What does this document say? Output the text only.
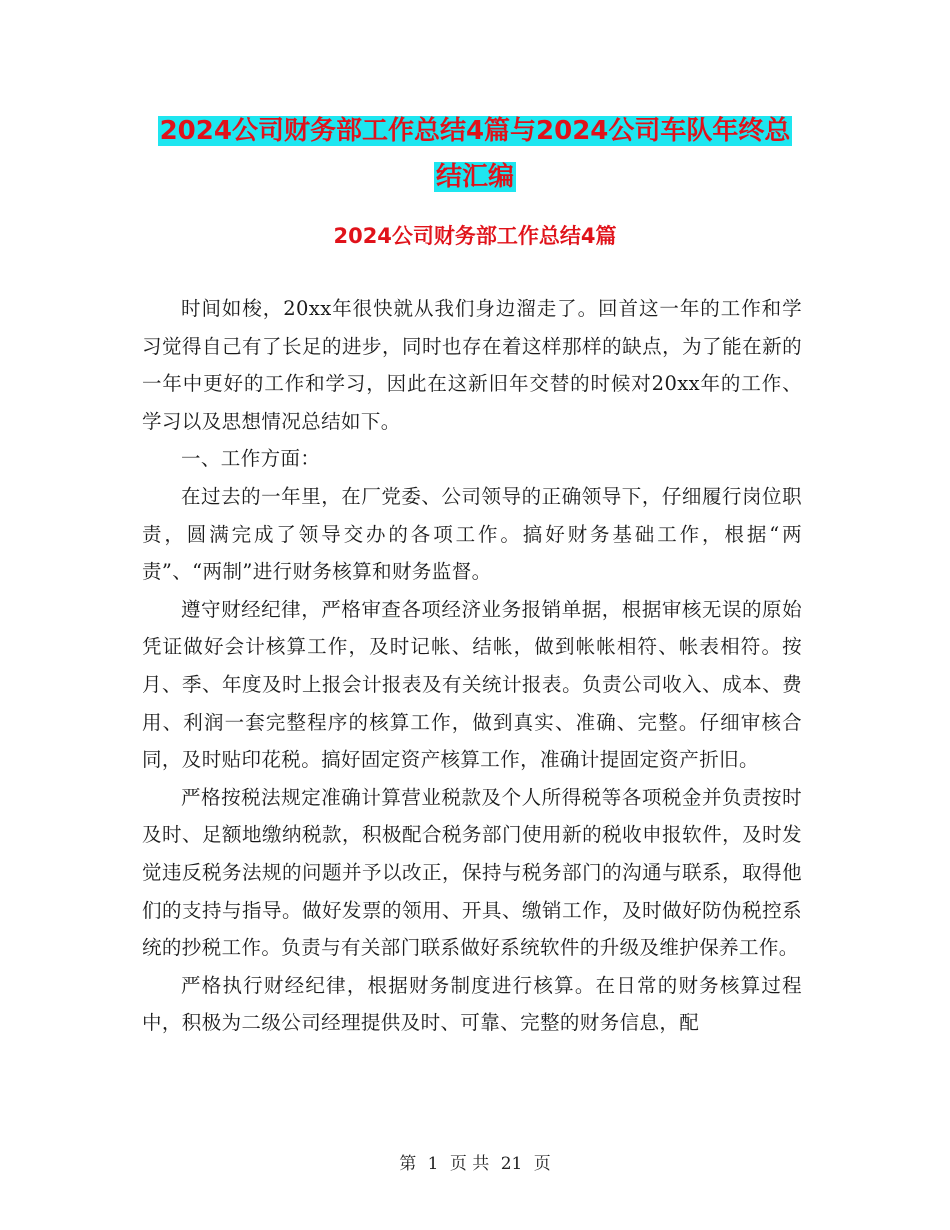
2024公司财务部工作总结4篇与2024公司车队年终总
结汇编
2024公司财务部工作总结4篇

时间如梭，20xx年很快就从我们身边溜走了。回首这一年的工作和学习觉得自己有了长足的进步，同时也存在着这样那样的缺点，为了能在新的一年中更好的工作和学习，因此在这新旧年交替的时候对20xx年的工作、学习以及思想情况总结如下。

一、工作方面：

在过去的一年里，在厂党委、公司领导的正确领导下，仔细履行岗位职责，圆满完成了领导交办的各项工作。搞好财务基础工作，根据“两责”、“两制”进行财务核算和财务监督。

遵守财经纪律，严格审查各项经济业务报销单据，根据审核无误的原始凭证做好会计核算工作，及时记帐、结帐，做到帐帐相符、帐表相符。按月、季、年度及时上报会计报表及有关统计报表。负责公司收入、成本、费用、利润一套完整程序的核算工作，做到真实、准确、完整。仔细审核合同，及时贴印花税。搞好固定资产核算工作，准确计提固定资产折旧。

严格按税法规定准确计算营业税款及个人所得税等各项税金并负责按时及时、足额地缴纳税款，积极配合税务部门使用新的税收申报软件，及时发觉违反税务法规的问题并予以改正，保持与税务部门的沟通与联系，取得他们的支持与指导。做好发票的领用、开具、缴销工作，及时做好防伪税控系统的抄税工作。负责与有关部门联系做好系统软件的升级及维护保养工作。

严格执行财经纪律，根据财务制度进行核算。在日常的财务核算过程中，积极为二级公司经理提供及时、可靠、完整的财务信息，配

第 1 页 共 21 页
